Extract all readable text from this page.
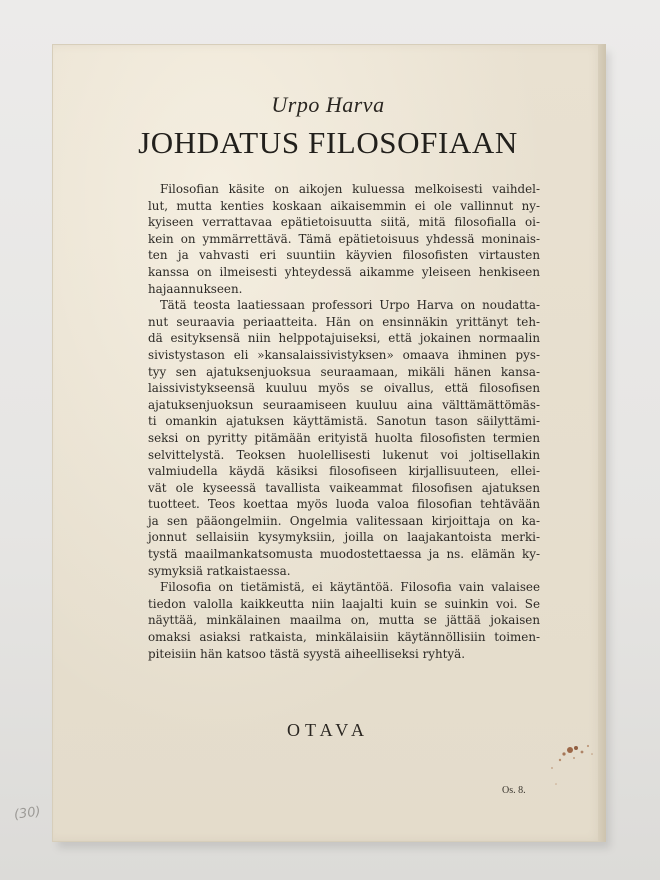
Urpo Harva
JOHDATUS FILOSOFIAAN
Filosofian käsite on aikojen kuluessa melkoisesti vaihdel-
lut, mutta kenties koskaan aikaisemmin ei ole vallinnut ny-
kyiseen verrattavaa epätietoisuutta siitä, mitä filosofialla oi-
kein on ymmärrettävä. Tämä epätietoisuus yhdessä moninais-
ten ja vahvasti eri suuntiin käyvien filosofisten virtausten
kanssa on ilmeisesti yhteydessä aikamme yleiseen henkiseen
hajaannukseen.
Tätä teosta laatiessaan professori Urpo Harva on noudatta-
nut seuraavia periaatteita. Hän on ensinnäkin yrittänyt teh-
dä esityksensä niin helppotajuiseksi, että jokainen normaalin
sivistystason eli »kansalaissivistyksen» omaava ihminen pys-
tyy sen ajatuksenjuoksua seuraamaan, mikäli hänen kansa-
laissivistykseensä kuuluu myös se oivallus, että filosofisen
ajatuksenjuoksun seuraamiseen kuuluu aina välttämättömäs-
ti omankin ajatuksen käyttämistä. Sanotun tason säilyttämi-
seksi on pyritty pitämään erityistä huolta filosofisten termien
selvittelystä. Teoksen huolellisesti lukenut voi joltisellakin
valmiudella käydä käsiksi filosofiseen kirjallisuuteen, ellei-
vät ole kyseessä tavallista vaikeammat filosofisen ajatuksen
tuotteet. Teos koettaa myös luoda valoa filosofian tehtävään
ja sen pääongelmiin. Ongelmia valitessaan kirjoittaja on ka-
jonnut sellaisiin kysymyksiin, joilla on laajakantoista merki-
tystä maailmankatsomusta muodostettaessa ja ns. elämän ky-
symyksiä ratkaistaessa.
Filosofia on tietämistä, ei käytäntöä. Filosofia vain valaisee
tiedon valolla kaikkeutta niin laajalti kuin se suinkin voi. Se
näyttää, minkälainen maailma on, mutta se jättää jokaisen
omaksi asiaksi ratkaista, minkälaisiin käytännöllisiin toimen-
piteisiin hän katsoo tästä syystä aiheelliseksi ryhtyä.
OTAVA
Os. 8.
(30)
